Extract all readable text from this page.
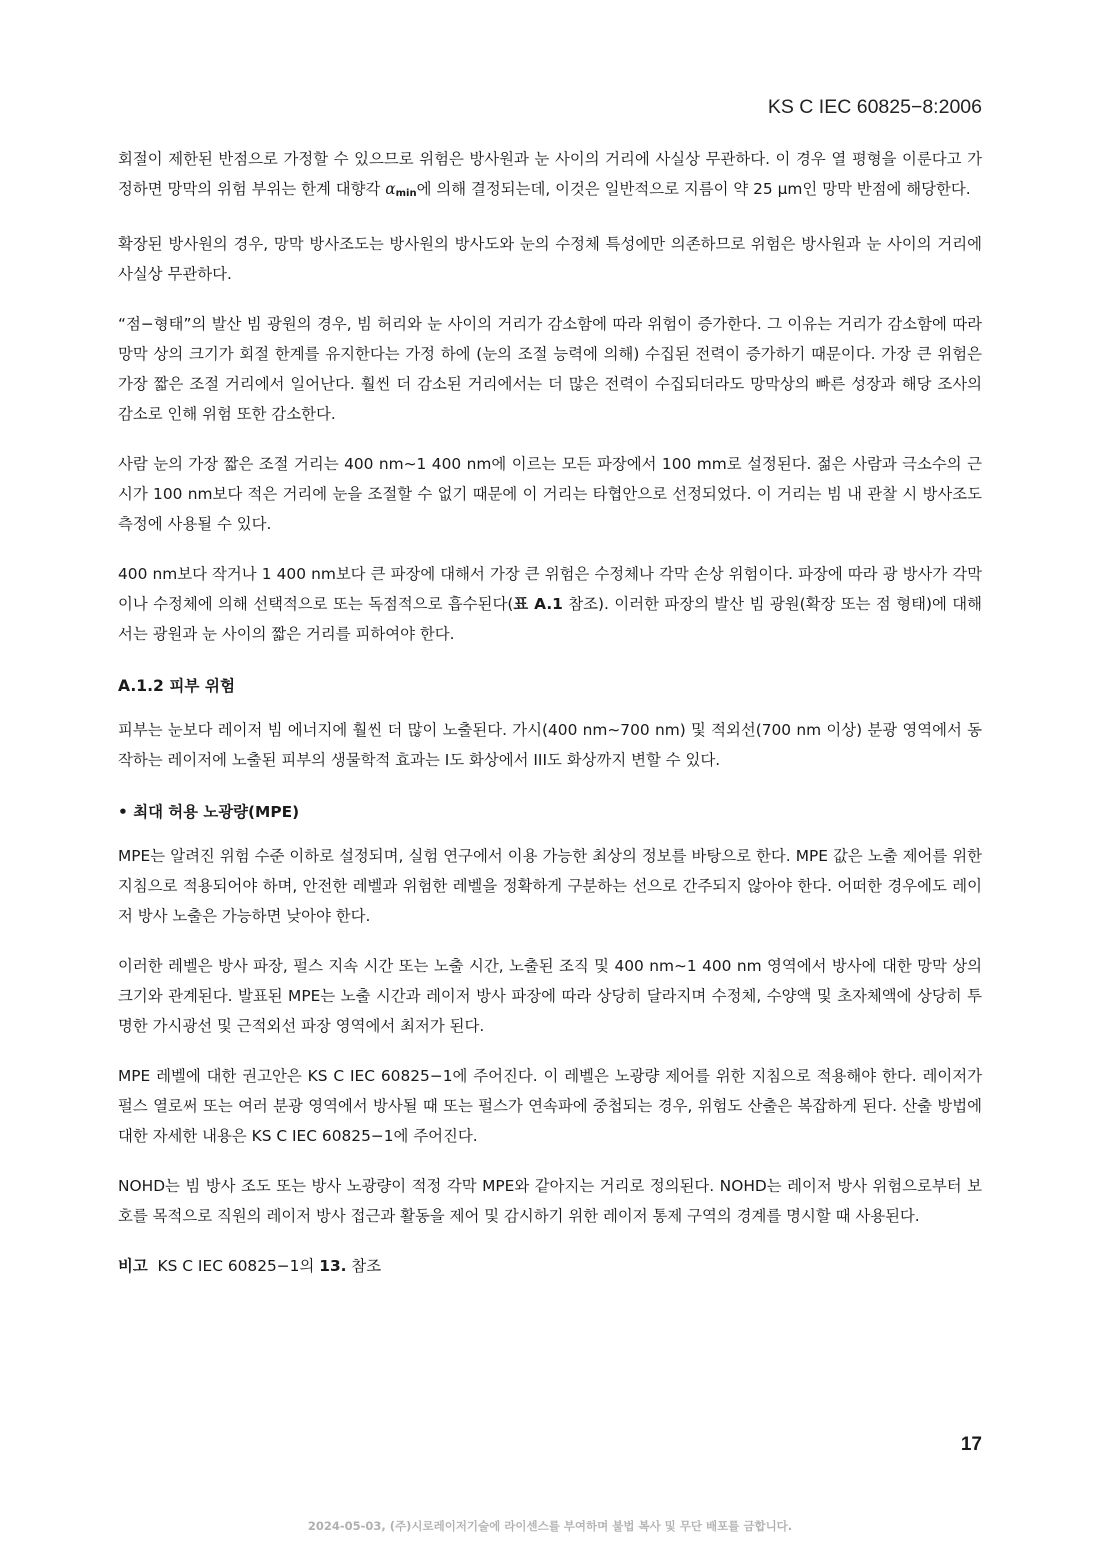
KS C IEC 60825−8:2006

회절이 제한된 반점으로 가정할 수 있으므로 위험은 방사원과 눈 사이의 거리에 사실상 무관하다. 이 경우 열 평형을 이룬다고 가정하면 망막의 위험 부위는 한계 대향각 $\alpha_{min}$에 의해 결정되는데, 이것은 일반적으로 지름이 약 25 μm인 망막 반점에 해당한다.

확장된 방사원의 경우, 망막 방사조도는 방사원의 방사도와 눈의 수정체 특성에만 의존하므로 위험은 방사원과 눈 사이의 거리에 사실상 무관하다.

“점−형태”의 발산 빔 광원의 경우, 빔 허리와 눈 사이의 거리가 감소함에 따라 위험이 증가한다. 그 이유는 거리가 감소함에 따라 망막 상의 크기가 회절 한계를 유지한다는 가정 하에 (눈의 조절 능력에 의해) 수집된 전력이 증가하기 때문이다. 가장 큰 위험은 가장 짧은 조절 거리에서 일어난다. 훨씬 더 감소된 거리에서는 더 많은 전력이 수집되더라도 망막상의 빠른 성장과 해당 조사의 감소로 인해 위험 또한 감소한다.

사람 눈의 가장 짧은 조절 거리는 400 nm∼1 400 nm에 이르는 모든 파장에서 100 mm로 설정된다. 젊은 사람과 극소수의 근시가 100 nm보다 적은 거리에 눈을 조절할 수 없기 때문에 이 거리는 타협안으로 선정되었다. 이 거리는 빔 내 관찰 시 방사조도 측정에 사용될 수 있다.

400 nm보다 작거나 1 400 nm보다 큰 파장에 대해서 가장 큰 위험은 수정체나 각막 손상 위험이다. 파장에 따라 광 방사가 각막이나 수정체에 의해 선택적으로 또는 독점적으로 흡수된다(표 A.1 참조). 이러한 파장의 발산 빔 광원(확장 또는 점 형태)에 대해서는 광원과 눈 사이의 짧은 거리를 피하여야 한다.

A.1.2 피부 위험

피부는 눈보다 레이저 빔 에너지에 훨씬 더 많이 노출된다. 가시(400 nm∼700 nm) 및 적외선(700 nm 이상) 분광 영역에서 동작하는 레이저에 노출된 피부의 생물학적 효과는 I도 화상에서 III도 화상까지 변할 수 있다.

• 최대 허용 노광량(MPE)

MPE는 알려진 위험 수준 이하로 설정되며, 실험 연구에서 이용 가능한 최상의 정보를 바탕으로 한다. MPE 값은 노출 제어를 위한 지침으로 적용되어야 하며, 안전한 레벨과 위험한 레벨을 정확하게 구분하는 선으로 간주되지 않아야 한다. 어떠한 경우에도 레이저 방사 노출은 가능하면 낮아야 한다.

이러한 레벨은 방사 파장, 펄스 지속 시간 또는 노출 시간, 노출된 조직 및 400 nm∼1 400 nm 영역에서 방사에 대한 망막 상의 크기와 관계된다. 발표된 MPE는 노출 시간과 레이저 방사 파장에 따라 상당히 달라지며 수정체, 수양액 및 초자체액에 상당히 투명한 가시광선 및 근적외선 파장 영역에서 최저가 된다.

MPE 레벨에 대한 권고안은 KS C IEC 60825−1에 주어진다. 이 레벨은 노광량 제어를 위한 지침으로 적용해야 한다. 레이저가 펄스 열로써 또는 여러 분광 영역에서 방사될 때 또는 펄스가 연속파에 중첩되는 경우, 위험도 산출은 복잡하게 된다. 산출 방법에 대한 자세한 내용은 KS C IEC 60825−1에 주어진다.

NOHD는 빔 방사 조도 또는 방사 노광량이 적정 각막 MPE와 같아지는 거리로 정의된다. NOHD는 레이저 방사 위험으로부터 보호를 목적으로 직원의 레이저 방사 접근과 활동을 제어 및 감시하기 위한 레이저 통제 구역의 경계를 명시할 때 사용된다.

비고  KS C IEC 60825−1의 13. 참조
17
2024-05-03, (주)시로레이저기술에 라이센스를 부여하며 불법 복사 및 무단 배포를 금합니다.
